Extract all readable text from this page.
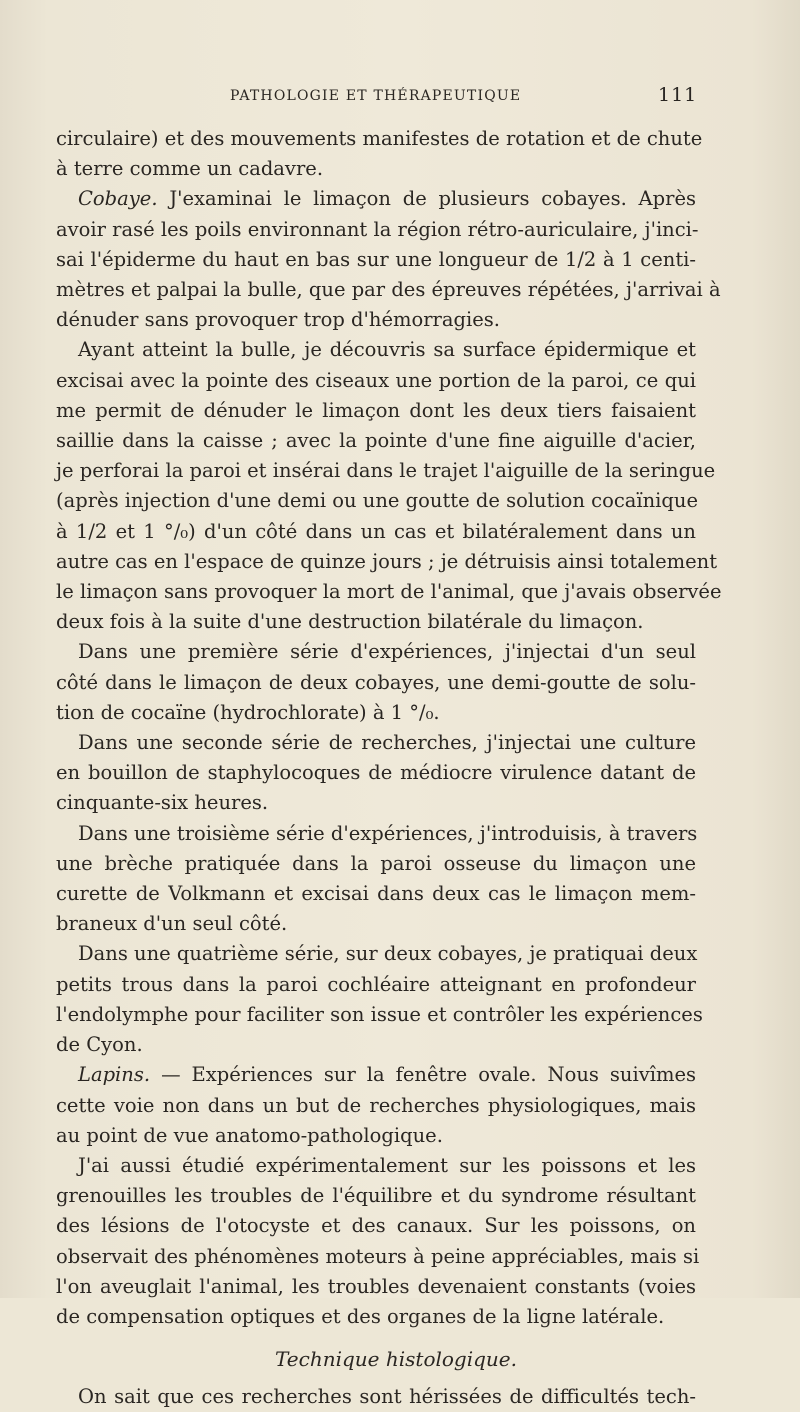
PATHOLOGIE ET THÉRAPEUTIQUE	111
circulaire) et des mouvements manifestes de rotation et de chute
à terre comme un cadavre.
Cobaye. J'examinai le limaçon de plusieurs cobayes. Après
avoir rasé les poils environnant la région rétro-auriculaire, j'inci-
sai l'épiderme du haut en bas sur une longueur de 1/2 à 1 centi-
mètres et palpai la bulle, que par des épreuves répétées, j'arrivai à
dénuder sans provoquer trop d'hémorragies.
Ayant atteint la bulle, je découvris sa surface épidermique et
excisai avec la pointe des ciseaux une portion de la paroi, ce qui
me permit de dénuder le limaçon dont les deux tiers faisaient
saillie dans la caisse ; avec la pointe d'une fine aiguille d'acier,
je perforai la paroi et insérai dans le trajet l'aiguille de la seringue
(après injection d'une demi ou une goutte de solution cocaïnique
à 1/2 et 1 °/₀) d'un côté dans un cas et bilatéralement dans un
autre cas en l'espace de quinze jours ; je détruisis ainsi totalement
le limaçon sans provoquer la mort de l'animal, que j'avais observée
deux fois à la suite d'une destruction bilatérale du limaçon.
Dans une première série d'expériences, j'injectai d'un seul
côté dans le limaçon de deux cobayes, une demi-goutte de solu-
tion de cocaïne (hydrochlorate) à 1 °/₀.
Dans une seconde série de recherches, j'injectai une culture
en bouillon de staphylocoques de médiocre virulence datant de
cinquante-six heures.
Dans une troisième série d'expériences, j'introduisis, à travers
une brèche pratiquée dans la paroi osseuse du limaçon une
curette de Volkmann et excisai dans deux cas le limaçon mem-
braneux d'un seul côté.
Dans une quatrième série, sur deux cobayes, je pratiquai deux
petits trous dans la paroi cochléaire atteignant en profondeur
l'endolymphe pour faciliter son issue et contrôler les expériences
de Cyon.
Lapins. — Expériences sur la fenêtre ovale. Nous suivîmes
cette voie non dans un but de recherches physiologiques, mais
au point de vue anatomo-pathologique.
J'ai aussi étudié expérimentalement sur les poissons et les
grenouilles les troubles de l'équilibre et du syndrome résultant
des lésions de l'otocyste et des canaux. Sur les poissons, on
observait des phénomènes moteurs à peine appréciables, mais si
l'on aveuglait l'animal, les troubles devenaient constants (voies
de compensation optiques et des organes de la ligne latérale.
Technique histologique.
On sait que ces recherches sont hérissées de difficultés tech-
